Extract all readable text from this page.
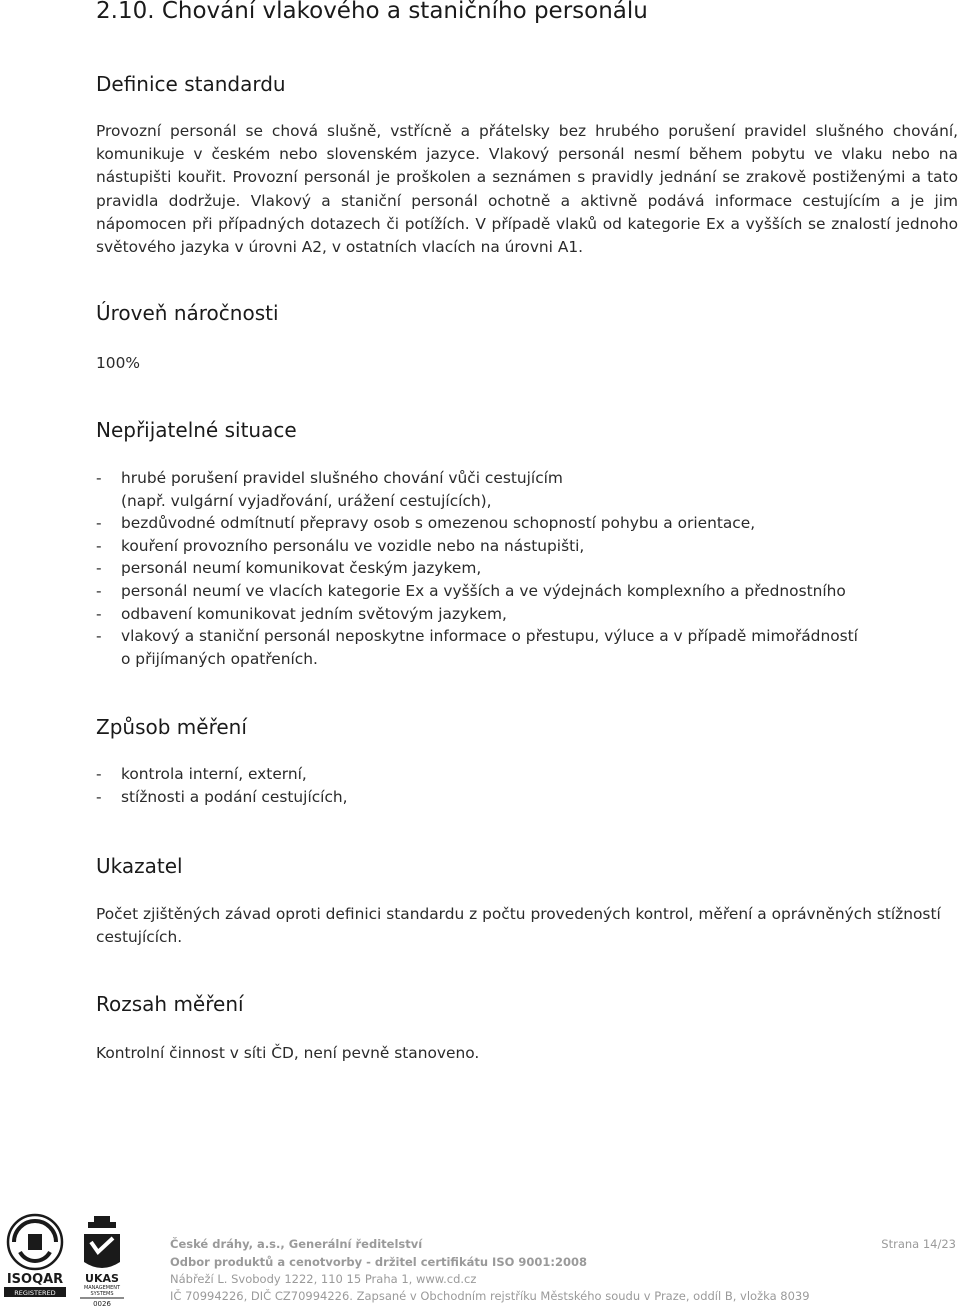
2.10. Chování vlakového a staničního personálu
Definice standardu

Provozní personál se chová slušně, vstřícně a přátelsky bez hrubého porušení pravidel slušného chování, komunikuje v českém nebo slovenském jazyce. Vlakový personál nesmí během pobytu ve vlaku nebo na nástupišti kouřit. Provozní personál je proškolen a seznámen s pravidly jednání se zrakově postiženými a tato pravidla dodržuje. Vlakový a staniční personál ochotně a aktivně podává informace cestujícím a je jim nápomocen při případných dotazech či potížích. V případě vlaků od kategorie Ex a vyšších se znalostí jednoho světového jazyka v úrovni A2, v ostatních vlacích na úrovni A1.

Úroveň náročnosti
100%
Nepřijatelné situace
- hrubé porušení pravidel slušného chování vůči cestujícím
(např. vulgární vyjadřování, urážení cestujících),
- bezdůvodné odmítnutí přepravy osob s omezenou schopností pohybu a orientace,
- kouření provozního personálu ve vozidle nebo na nástupišti,
- personál neumí komunikovat českým jazykem,
- personál neumí ve vlacích kategorie Ex a vyšších a ve výdejnách komplexního a přednostního
- odbavení komunikovat jedním světovým jazykem,
- vlakový a staniční personál neposkytne informace o přestupu, výluce a v případě mimořádností
o přijímaných opatřeních.
Způsob měření
- kontrola interní, externí,
- stížnosti a podání cestujících,
Ukazatel
Počet zjištěných závad oproti definici standardu z počtu provedených kontrol, měření a oprávněných stížností cestujících.
Rozsah měření
Kontrolní činnost v síti ČD, není pevně stanoveno.
ISOQAR
REGISTERED
UKAS
MANAGEMENT
SYSTEMS
0026
České dráhy, a.s., Generální ředitelství
Odbor produktů a cenotvorby - držitel certifikátu ISO 9001:2008
Nábřeží L. Svobody 1222, 110 15 Praha 1, www.cd.cz
IČ 70994226, DIČ CZ70994226. Zapsané v Obchodním rejstříku Městského soudu v Praze, oddíl B, vložka 8039
Strana 14/23
